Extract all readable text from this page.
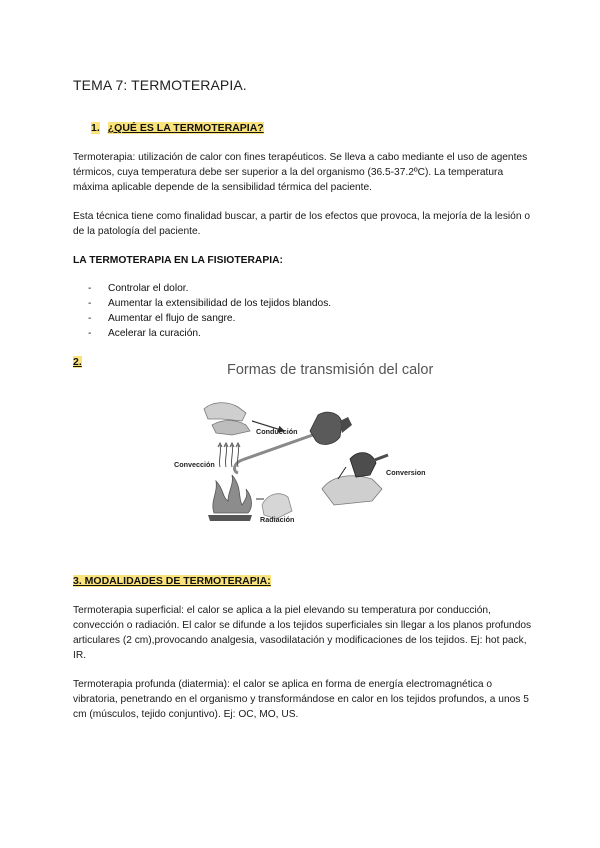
TEMA 7: TERMOTERAPIA.
1. ¿QUÉ ES LA TERMOTERAPIA?
Termoterapia: utilización de calor con fines terapéuticos. Se lleva a cabo mediante el uso de agentes térmicos, cuya temperatura debe ser superior a la del organismo (36.5-37.2ºC). La temperatura máxima aplicable depende de la sensibilidad térmica del paciente.
Esta técnica tiene como finalidad buscar, a partir de los efectos que provoca, la mejoría de la lesión o de la patología del paciente.
LA TERMOTERAPIA EN LA FISIOTERAPIA:
- Controlar el dolor.
- Aumentar la extensibilidad de los tejidos blandos.
- Aumentar el flujo de sangre.
- Acelerar la curación.
2.	Formas de transmisión del calor
Conducción
Convección
Radiación
Conversion
3. MODALIDADES DE TERMOTERAPIA:
Termoterapia superficial: el calor se aplica a la piel elevando su temperatura por conducción, convección o radiación. El calor se difunde a los tejidos superficiales sin llegar a los planos profundos articulares (2 cm),provocando analgesia, vasodilatación y modificaciones de los tejidos. Ej: hot pack, IR.
Termoterapia profunda (diatermia): el calor se aplica en forma de energía electromagnética o vibratoria, penetrando en el organismo y transformándose en calor en los tejidos profundos, a unos 5 cm (músculos, tejido conjuntivo). Ej: OC, MO, US.
